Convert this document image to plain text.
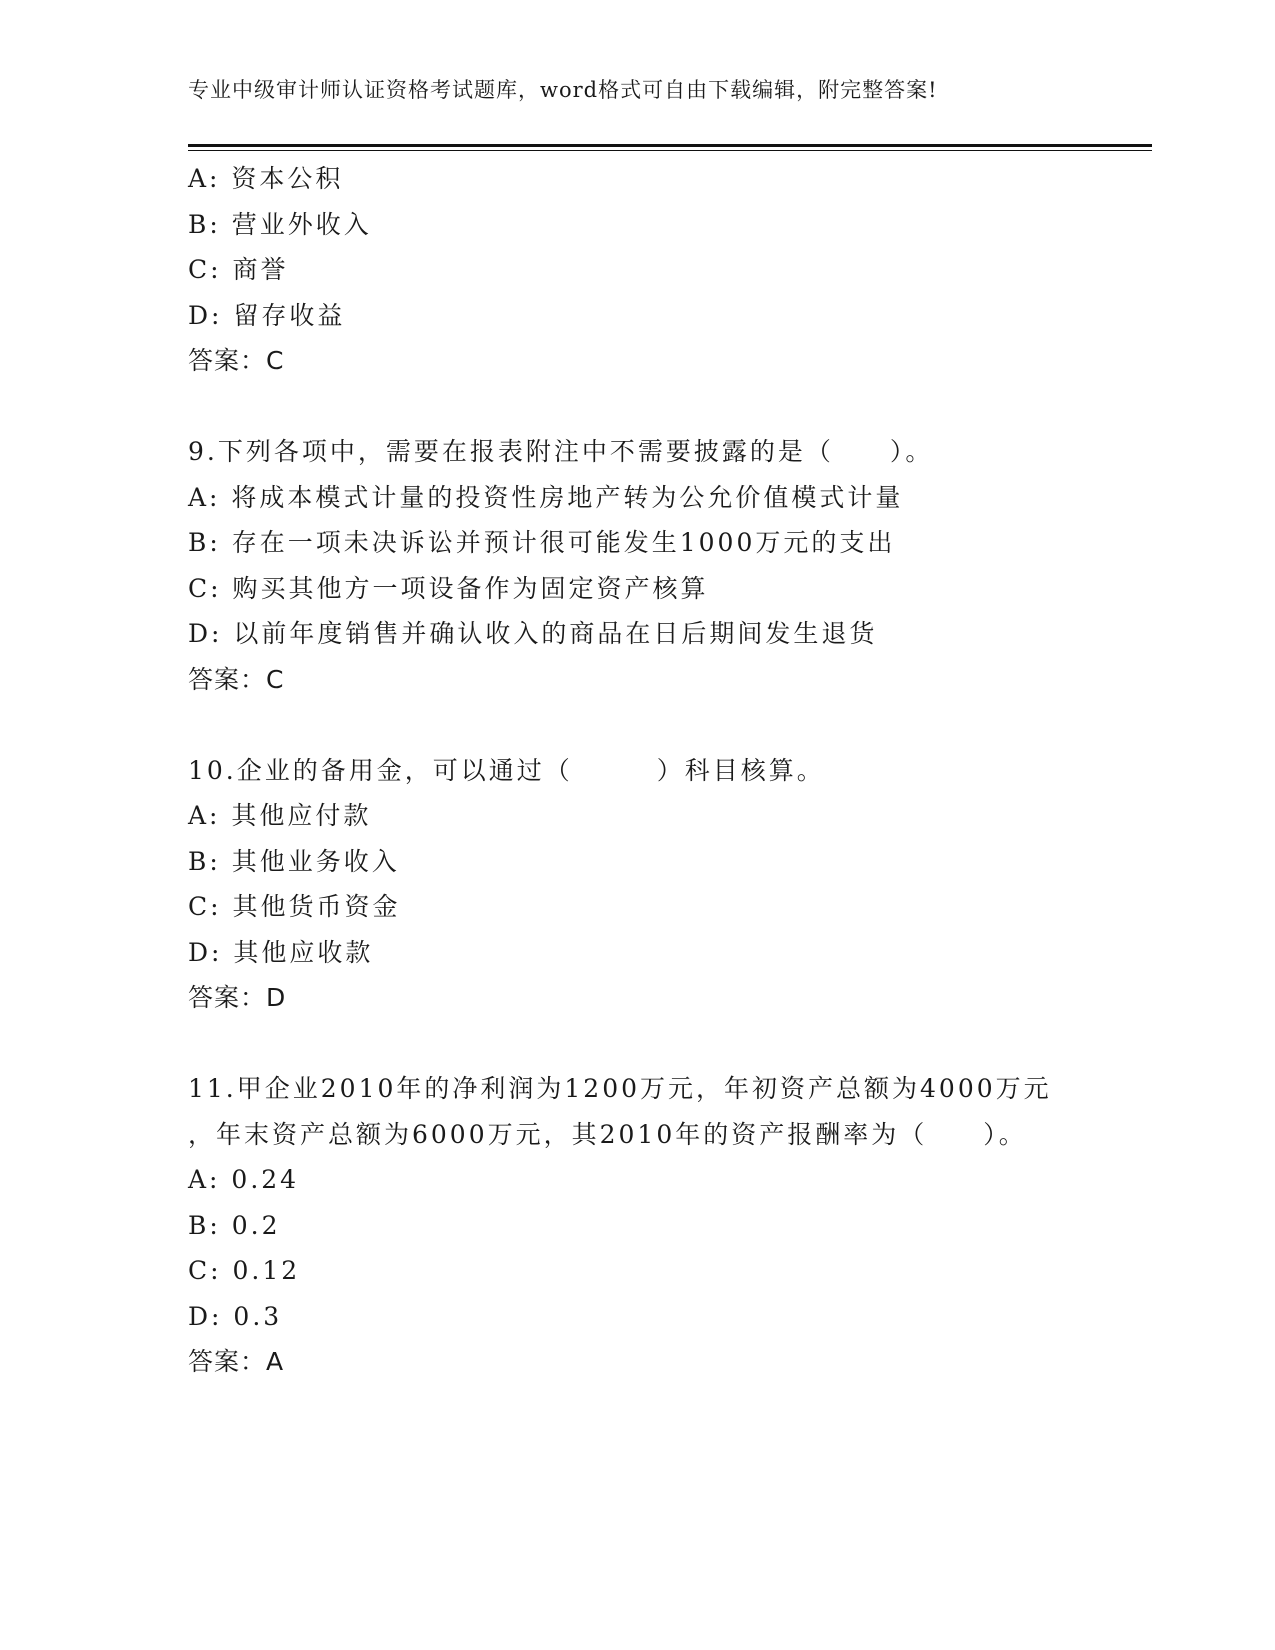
专业中级审计师认证资格考试题库，word格式可自由下载编辑，附完整答案!
A: 资本公积
B: 营业外收入
C: 商誉
D: 留存收益
答案：C
9.下列各项中，需要在报表附注中不需要披露的是（　　）。
A: 将成本模式计量的投资性房地产转为公允价值模式计量
B: 存在一项未决诉讼并预计很可能发生1000万元的支出
C: 购买其他方一项设备作为固定资产核算
D: 以前年度销售并确认收入的商品在日后期间发生退货
答案：C
10.企业的备用金，可以通过（　　　）科目核算。
A: 其他应付款
B: 其他业务收入
C: 其他货币资金
D: 其他应收款
答案：D
11.甲企业2010年的净利润为1200万元，年初资产总额为4000万元
，年末资产总额为6000万元，其2010年的资产报酬率为（　　）。
A: 0.24
B: 0.2
C: 0.12
D: 0.3
答案：A
